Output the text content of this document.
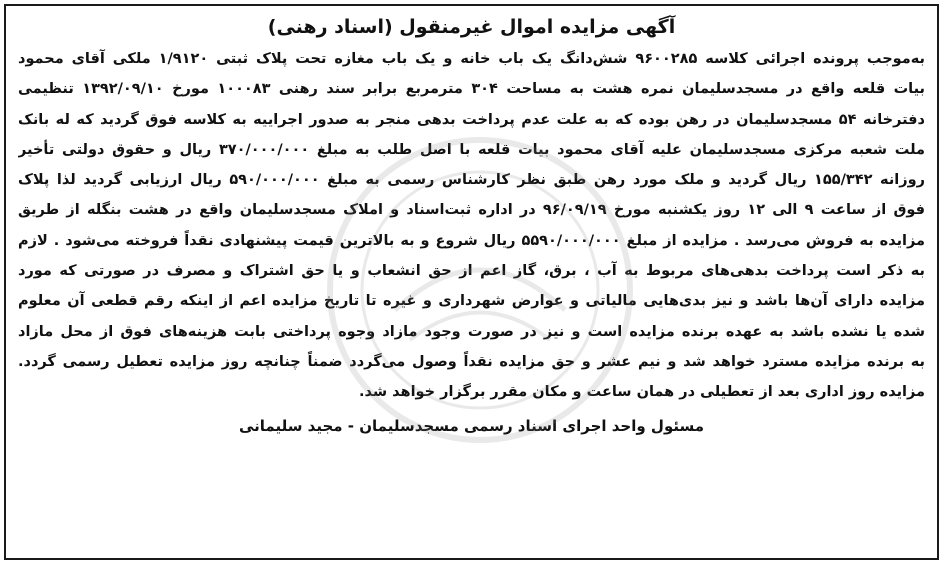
آگهی مزایده اموال غیرمنقول (اسناد رهنی)
به‌موجب پرونده اجرائی کلاسه ۹۶۰۰۲۸۵ شش‌دانگ یک باب خانه و یک باب مغازه تحت پلاک ثبتی ۱/۹۱۲۰ ملکی آقای محمود
بیات قلعه واقع در مسجدسلیمان نمره هشت به مساحت ۳۰۴ مترمربع برابر سند رهنی ۱۰۰۰۸۳ مورخ ۱۳۹۲/۰۹/۱۰ تنظیمی
دفترخانه ۵۴ مسجدسلیمان در رهن بوده که به علت عدم پرداخت بدهی منجر به صدور اجراییه به کلاسه فوق گردید که له بانک
ملت شعبه مرکزی مسجدسلیمان علیه آقای محمود بیات قلعه با اصل طلب به مبلغ ۳۷۰/۰۰۰/۰۰۰ ریال و حقوق دولتی تأخیر
روزانه ۱۵۵/۳۴۲ ریال گردید و ملک مورد رهن طبق نظر کارشناس رسمی به مبلغ ۵۹۰/۰۰۰/۰۰۰ ریال ارزیابی گردید لذا پلاک
فوق از ساعت ۹ الی ۱۲ روز یکشنبه مورخ ۹۶/۰۹/۱۹ در اداره ثبت‌اسناد و املاک مسجدسلیمان واقع در هشت بنگله از طریق
مزایده به فروش می‌رسد . مزایده از مبلغ ۵۵۹۰/۰۰۰/۰۰۰ ریال شروع و به بالاترین قیمت پیشنهادی نقداً فروخته می‌شود . لازم
به ذکر است پرداخت بدهی‌های مربوط به آب ، برق، گاز اعم از حق انشعاب و یا حق اشتراک و مصرف در صورتی که مورد
مزایده دارای آن‌ها باشد و نیز بدی‌هایی مالیاتی و عوارض شهرداری و غیره تا تاریخ مزایده اعم از اینکه رقم قطعی آن معلوم
شده یا نشده باشد به عهده برنده مزایده است و نیز در صورت وجود مازاد وجوه پرداختی بابت هزینه‌های فوق از محل مازاد
به برنده مزایده مسترد خواهد شد و نیم عشر و حق مزایده نقداً وصول می‌گردد ضمناً چنانچه روز مزایده تعطیل رسمی گردد.
مزایده روز اداری بعد از تعطیلی در همان ساعت و مکان مقرر برگزار خواهد شد.
مسئول واحد اجرای اسناد رسمی مسجدسلیمان - مجید سلیمانی
